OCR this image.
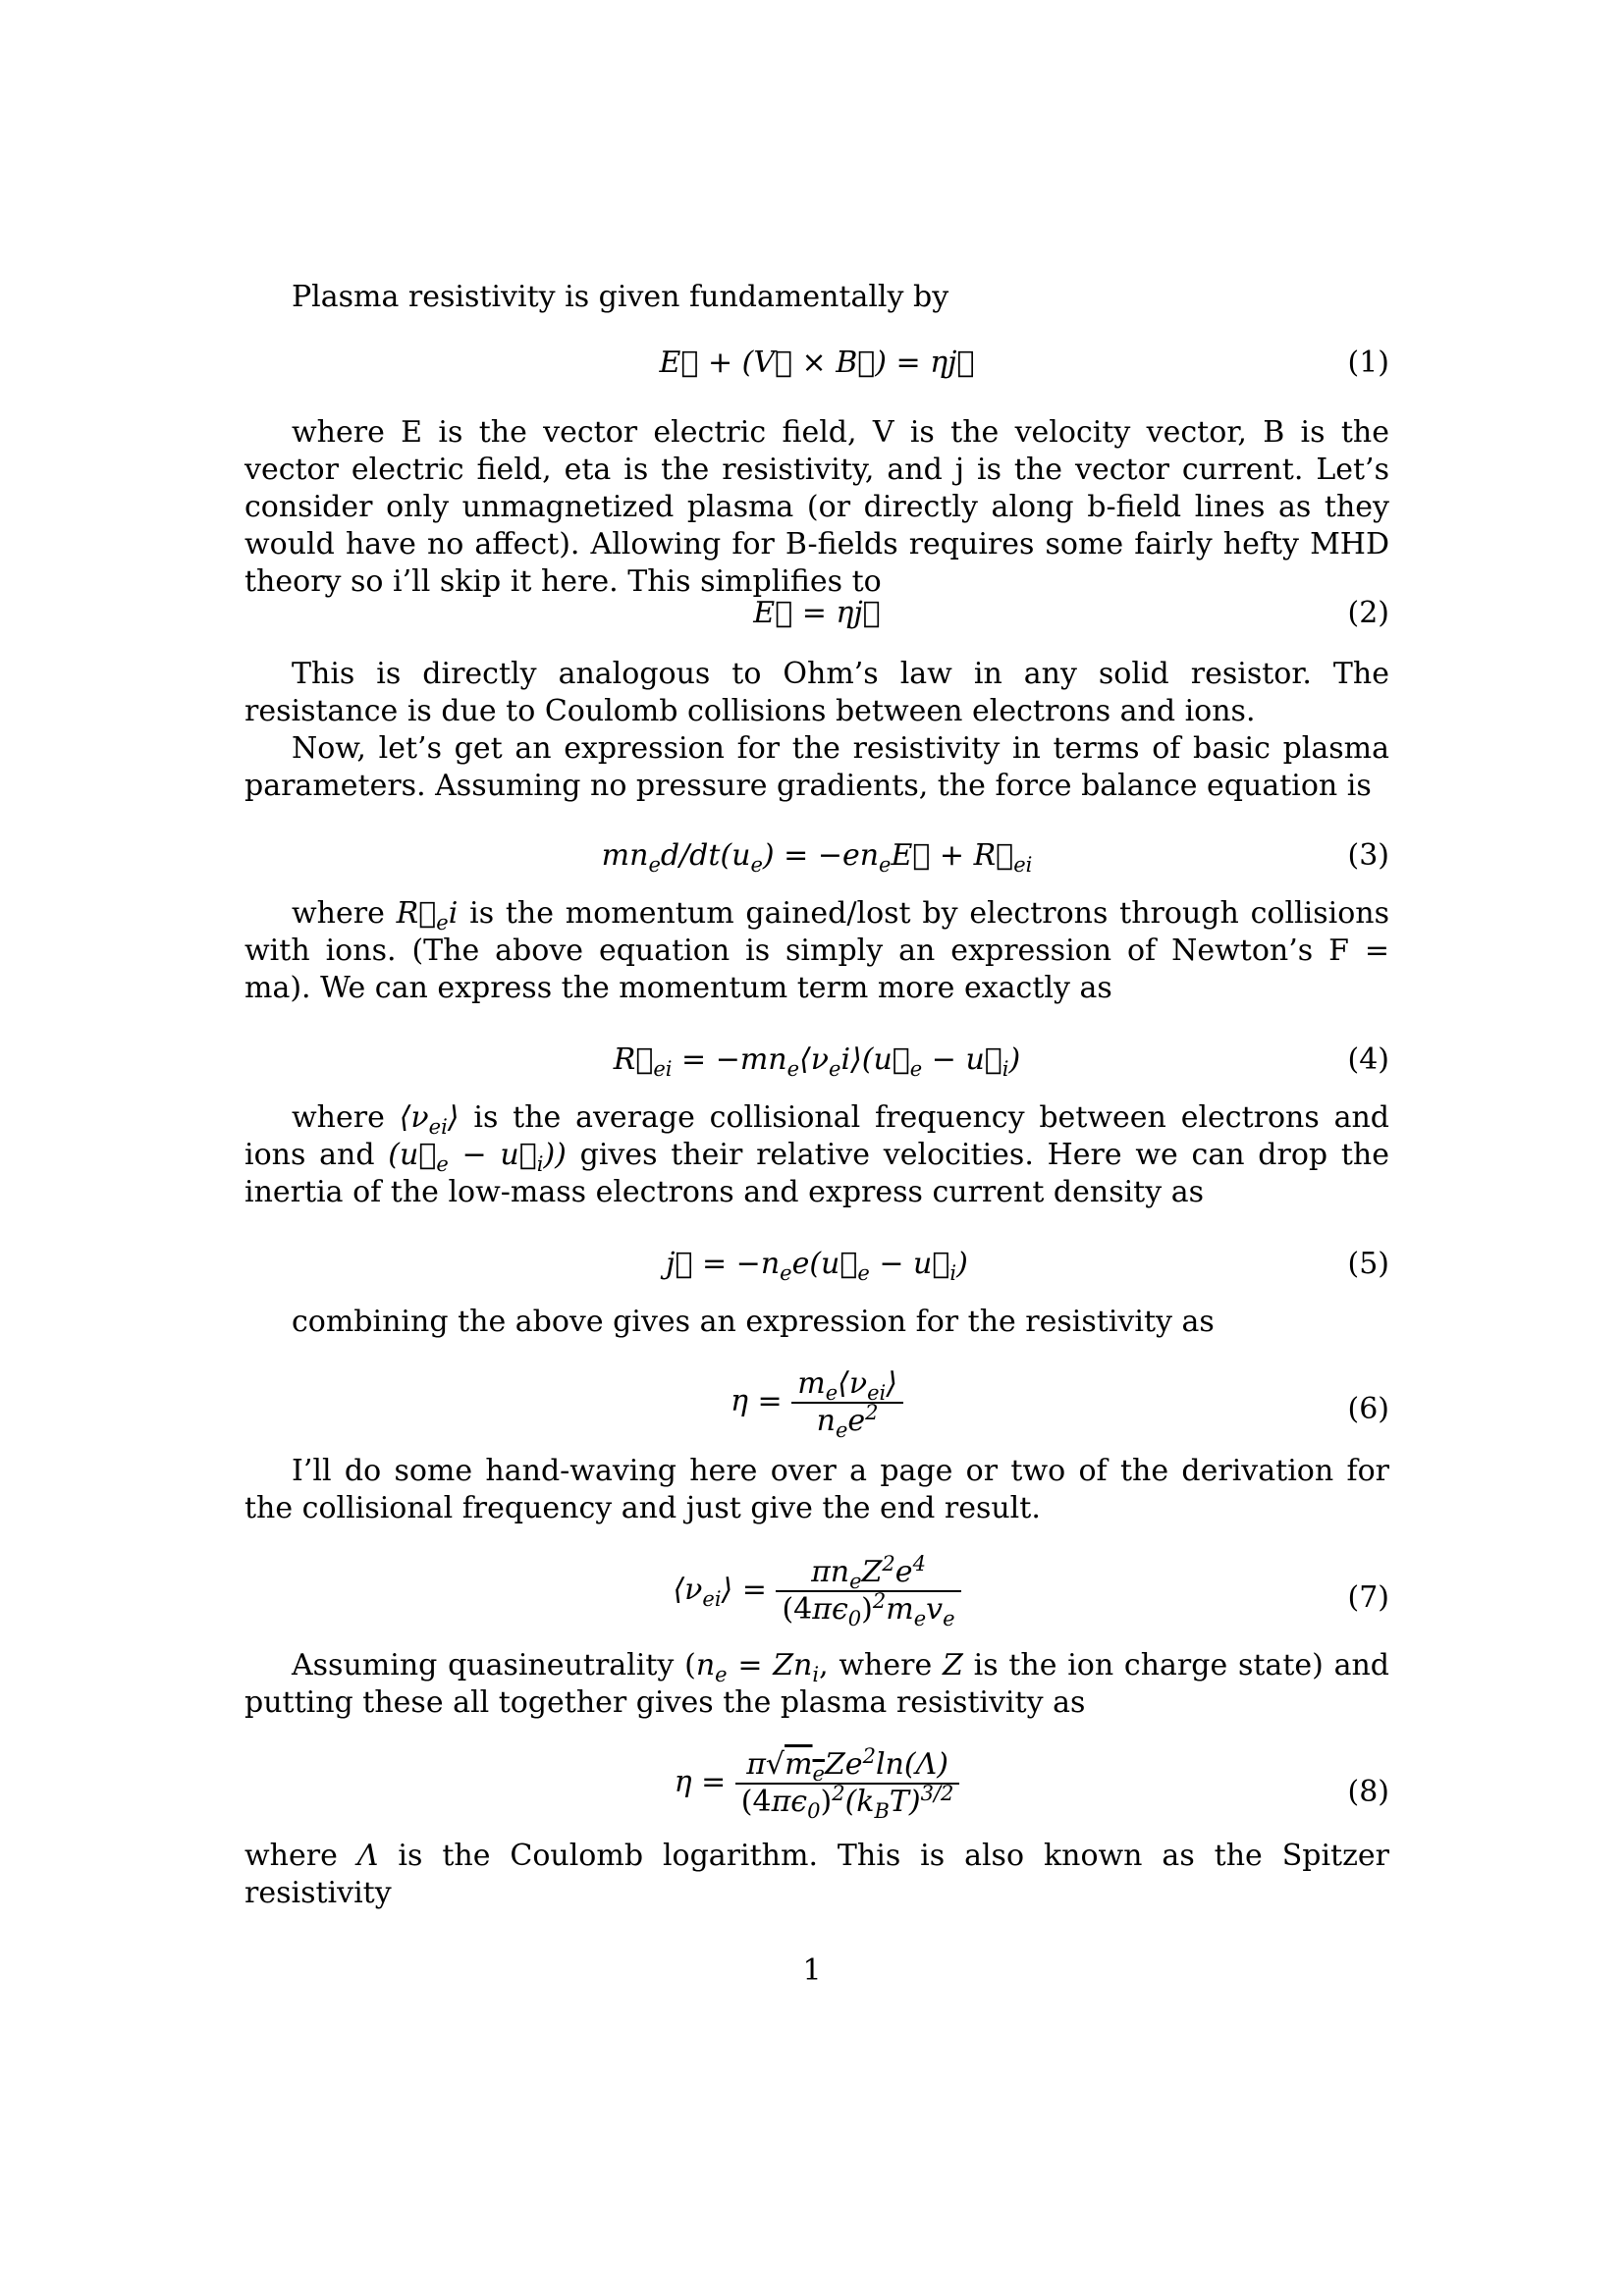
Plasma resistivity is given fundamentally by

E⃗ + (V⃗ × B⃗) = ηj⃗	(1)

where E is the vector electric field, V is the velocity vector, B is the vector electric field, eta is the resistivity, and j is the vector current. Let’s consider only unmagnetized plasma (or directly along b-field lines as they would have no affect). Allowing for B-fields requires some fairly hefty MHD theory so i’ll skip it here. This simplifies to

E⃗ = ηj⃗	(2)

This is directly analogous to Ohm’s law in any solid resistor. The resistance is due to Coulomb collisions between electrons and ions.

Now, let’s get an expression for the resistivity in terms of basic plasma parameters. Assuming no pressure gradients, the force balance equation is

$mn_ed/dt(u_e)$ = $-en_eE⃗$ + $R⃗_{ei}$	(3)

where $R⃗_ei$ is the momentum gained/lost by electrons through collisions with ions. (The above equation is simply an expression of Newton’s F = ma). We can express the momentum term more exactly as

$R⃗_{ei}$ = $-mn_e⟨\nu_ei⟩(u⃗_e$ − $u⃗_i$)	(4)

where $⟨\nu_{ei}⟩$ is the average collisional frequency between electrons and ions and ($u⃗_e$ − $u⃗_i$)) gives their relative velocities. Here we can drop the inertia of the low-mass electrons and express current density as

j⃗ = $-n_ee(u⃗_e$ − $u⃗_i$)	(5)

combining the above gives an expression for the resistivity as

$\eta = \frac{m_e⟨\nu_{ei}⟩}{n_ee^2}$	(6)

I’ll do some hand-waving here over a page or two of the derivation for the collisional frequency and just give the end result.

$⟨\nu_{ei}⟩ = \frac{\pi n_eZ^2e^4}{(4\pi\epsilon_0)^2m_ev_e}$	(7)

Assuming quasineutrality ($n_e = Zn_i$, where Z is the ion charge state) and putting these all together gives the plasma resistivity as

$\eta = \frac{\pi√m_eZe^2\ln(\Lambda)}{(4\pi\epsilon_0)^2(k_BT)^{3/2}}$	(8)

where Λ is the Coulomb logarithm. This is also known as the Spitzer resistivity

1
